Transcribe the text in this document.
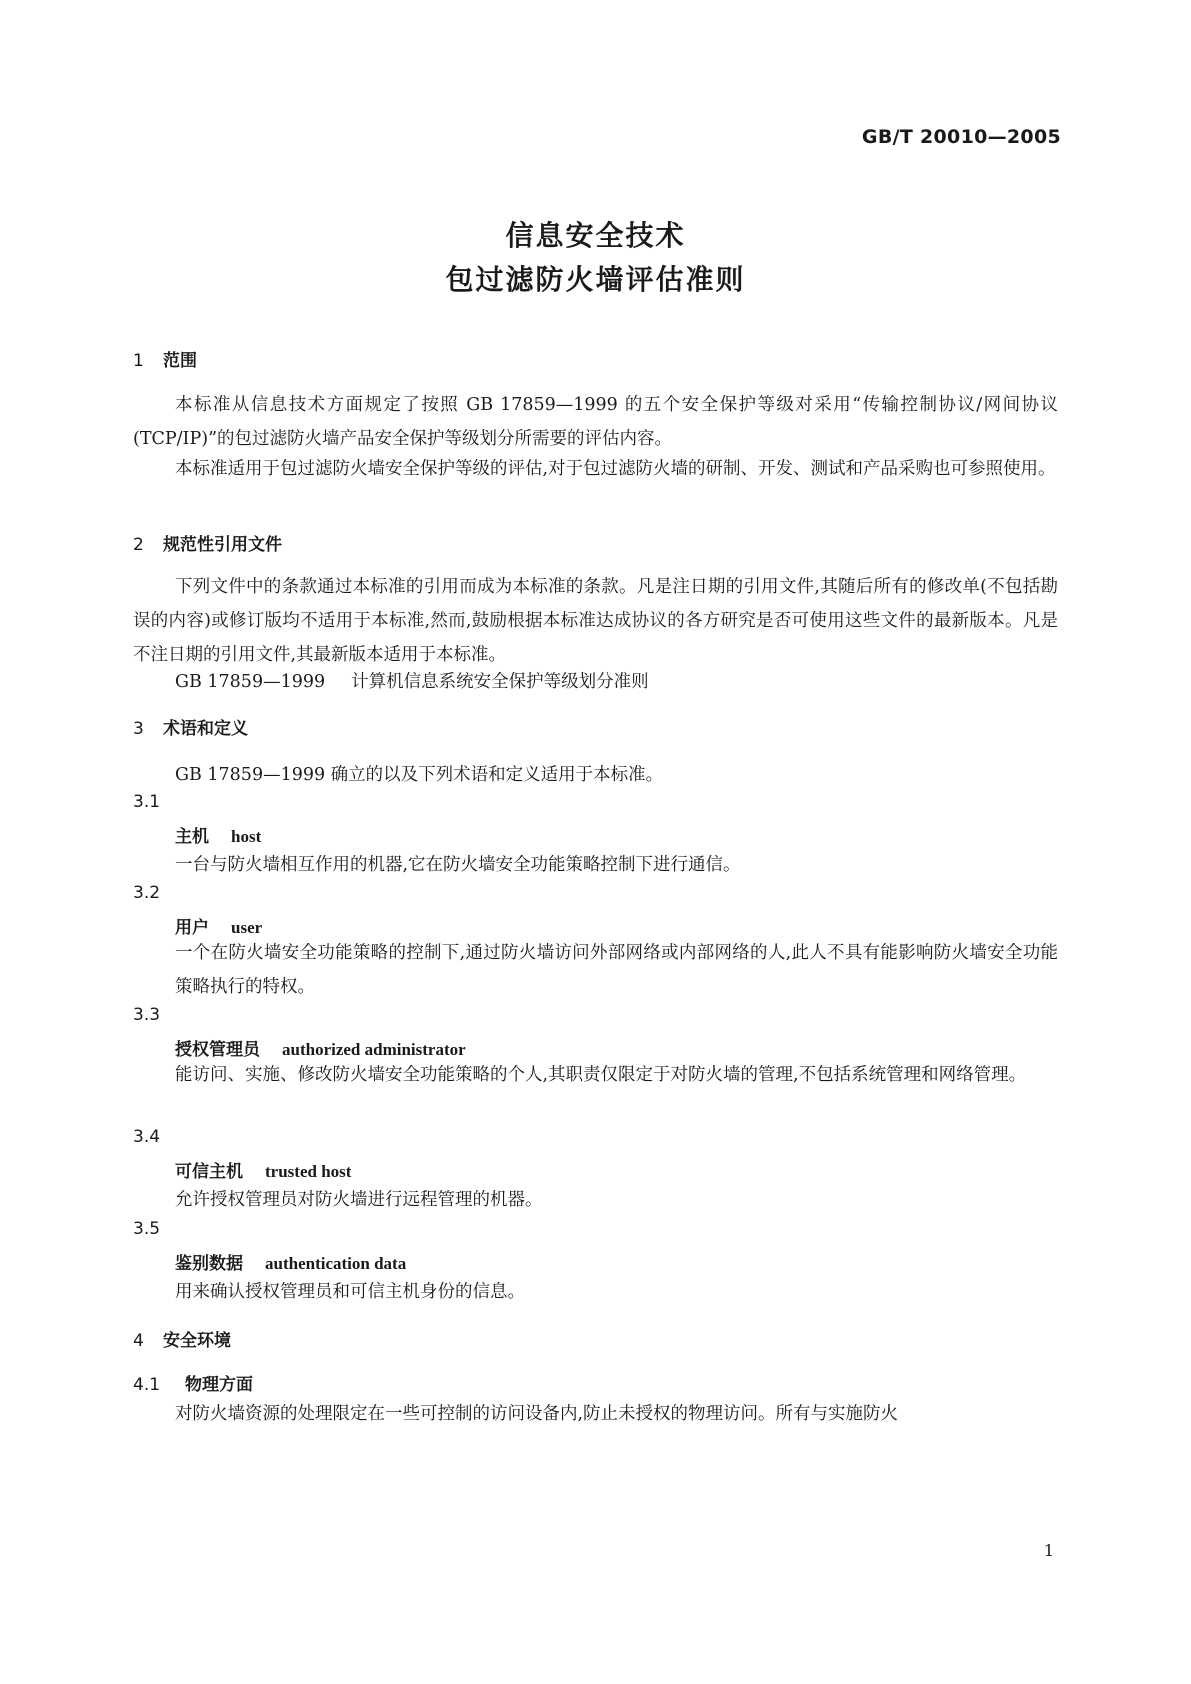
GB/T 20010—2005
信息安全技术
包过滤防火墙评估准则
1 范围
本标准从信息技术方面规定了按照 GB 17859—1999 的五个安全保护等级对采用“传输控制协议/网间协议(TCP/IP)”的包过滤防火墙产品安全保护等级划分所需要的评估内容。
本标准适用于包过滤防火墙安全保护等级的评估,对于包过滤防火墙的研制、开发、测试和产品采购也可参照使用。
2 规范性引用文件
下列文件中的条款通过本标准的引用而成为本标准的条款。凡是注日期的引用文件,其随后所有的修改单(不包括勘误的内容)或修订版均不适用于本标准,然而,鼓励根据本标准达成协议的各方研究是否可使用这些文件的最新版本。凡是不注日期的引用文件,其最新版本适用于本标准。
GB 17859—1999 计算机信息系统安全保护等级划分准则
3 术语和定义
GB 17859—1999 确立的以及下列术语和定义适用于本标准。
3.1
主机 host
一台与防火墙相互作用的机器,它在防火墙安全功能策略控制下进行通信。
3.2
用户 user
一个在防火墙安全功能策略的控制下,通过防火墙访问外部网络或内部网络的人,此人不具有能影响防火墙安全功能策略执行的特权。
3.3
授权管理员 authorized administrator
能访问、实施、修改防火墙安全功能策略的个人,其职责仅限定于对防火墙的管理,不包括系统管理和网络管理。
3.4
可信主机 trusted host
允许授权管理员对防火墙进行远程管理的机器。
3.5
鉴别数据 authentication data
用来确认授权管理员和可信主机身份的信息。
4 安全环境
4.1 物理方面
对防火墙资源的处理限定在一些可控制的访问设备内,防止未授权的物理访问。所有与实施防火
1
